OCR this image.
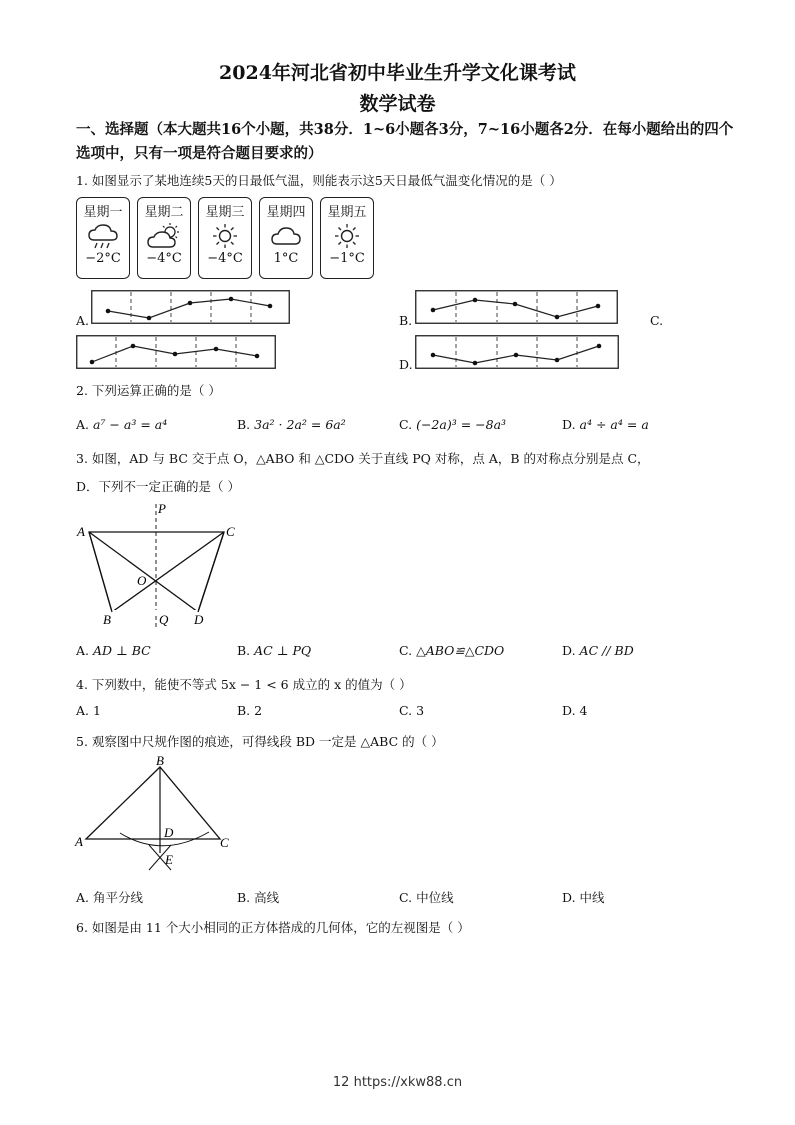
2024年河北省初中毕业生升学文化课考试
数学试卷
一、选择题（本大题共16个小题，共38分．1~6小题各3分，7~16小题各2分．在每小题给出的四个选项中，只有一项是符合题目要求的）
1. 如图显示了某地连续5天的日最低气温，则能表示这5天日最低气温变化情况的是（ ）
星期一
−2°C
星期二
−4°C
星期三
−4°C
星期四
1°C
星期五
−1°C
A.	B.	C.
D.
2. 下列运算正确的是（ ）
A. a⁷ − a³ = a⁴	B. 3a² · 2a² = 6a²	C. (−2a)³ = −8a³	D. a⁴ ÷ a⁴ = a
3. 如图，AD 与 BC 交于点 O，△ABO 和 △CDO 关于直线 PQ 对称，点 A，B 的对称点分别是点 C，
D．下列不一定正确的是（ ）
A	C
O
P
B	Q D
A. AD ⊥ BC	B. AC ⊥ PQ	C. △ABO≌△CDO	D. AC // BD
4. 下列数中，能使不等式 5x − 1 < 6 成立的 x 的值为（ ）
A. 1	B. 2	C. 3	D. 4
5. 观察图中尺规作图的痕迹，可得线段 BD 一定是 △ABC 的（ ）
B
A	C
D
E
A. 角平分线	B. 高线	C. 中位线	D. 中线
6. 如图是由 11 个大小相同的正方体搭成的几何体，它的左视图是（ ）
12 https://xkw88.cn
